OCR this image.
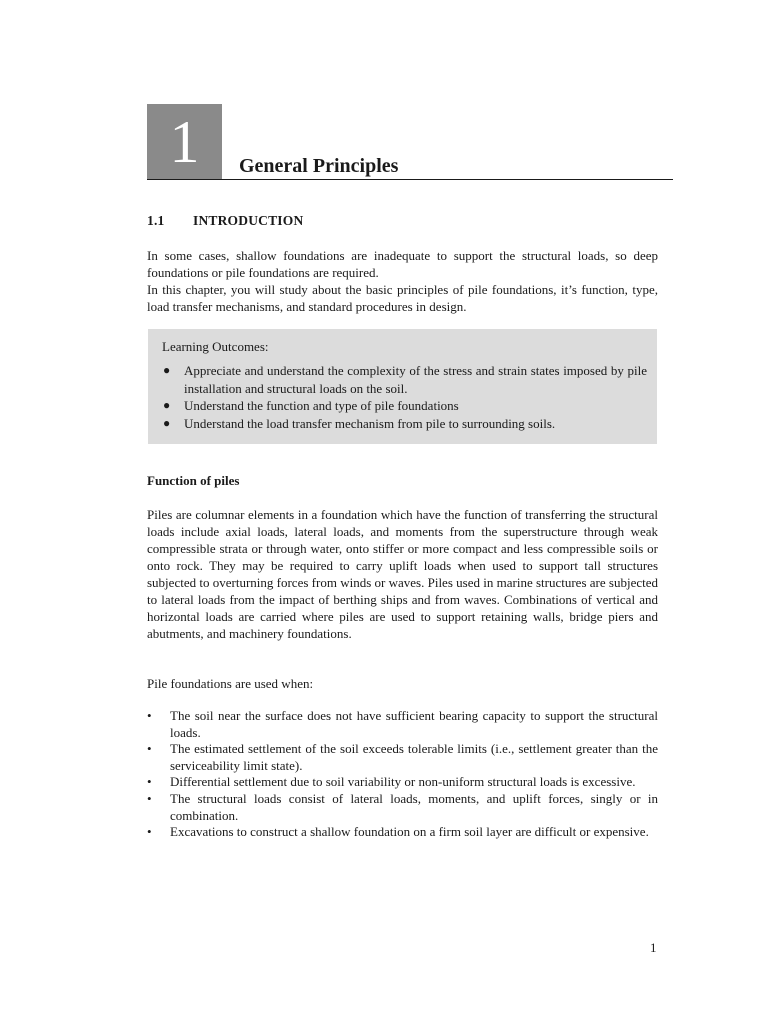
1	General Principles
1.1 INTRODUCTION

In some cases, shallow foundations are inadequate to support the structural loads, so deep foundations or pile foundations are required.

In this chapter, you will study about the basic principles of pile foundations, it’s function, type, load transfer mechanisms, and standard procedures in design.

Learning Outcomes:
● Appreciate and understand the complexity of the stress and strain states imposed by pile installation and structural loads on the soil.
● Understand the function and type of pile foundations
● Understand the load transfer mechanism from pile to surrounding soils.
Function of piles

Piles are columnar elements in a foundation which have the function of transferring the structural loads include axial loads, lateral loads, and moments from the superstructure through weak compressible strata or through water, onto stiffer or more compact and less compressible soils or onto rock. They may be required to carry uplift loads when used to support tall structures subjected to overturning forces from winds or waves. Piles used in marine structures are subjected to lateral loads from the impact of berthing ships and from waves. Combinations of vertical and horizontal loads are carried where piles are used to support retaining walls, bridge piers and abutments, and machinery foundations.

Pile foundations are used when:

• The soil near the surface does not have sufficient bearing capacity to support the structural loads.
• The estimated settlement of the soil exceeds tolerable limits (i.e., settlement greater than the serviceability limit state).
• Differential settlement due to soil variability or non-uniform structural loads is excessive.
• The structural loads consist of lateral loads, moments, and uplift forces, singly or in combination.
• Excavations to construct a shallow foundation on a firm soil layer are difficult or expensive.
1
